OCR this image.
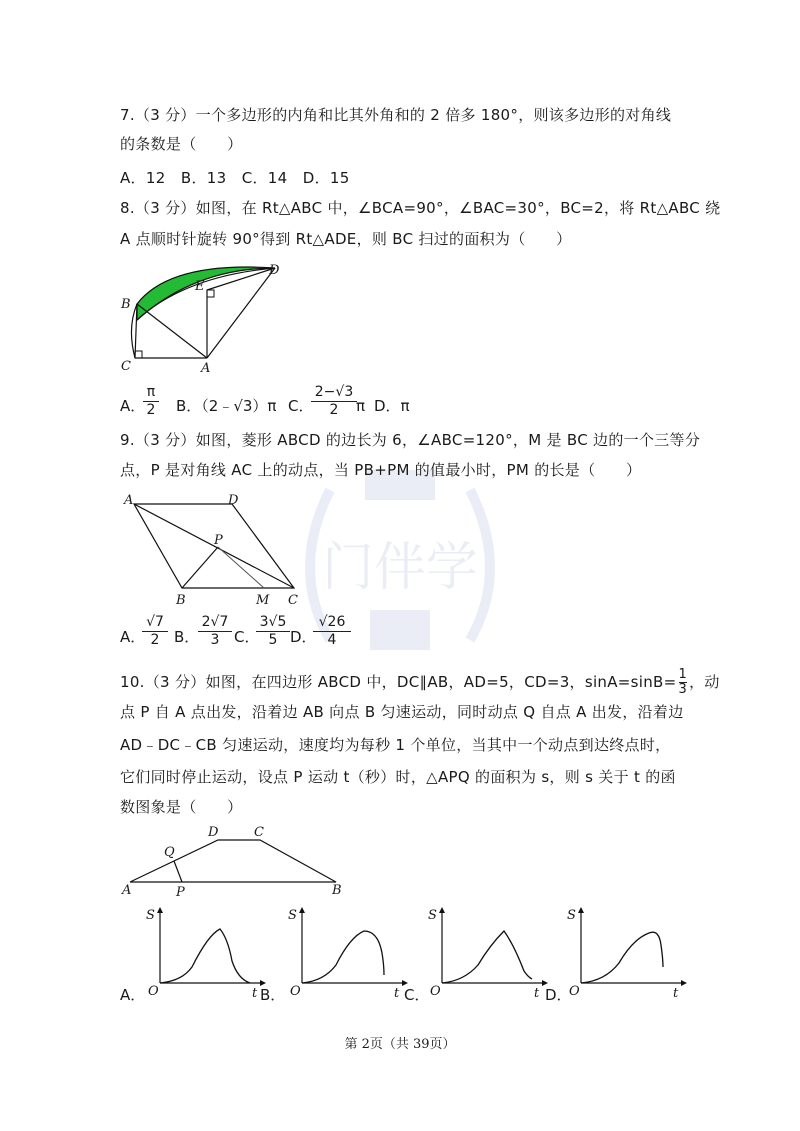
门伴学
7.（3 分）一个多边形的内角和比其外角和的 2 倍多 180°，则该多边形的对角线
的条数是（　　）
A．12　B．13　C．14　D．15
8.（3 分）如图，在 Rt△ABC 中，∠BCA=90°，∠BAC=30°，BC=2，将 Rt△ABC 绕
A 点顺时针旋转 90°得到 Rt△ADE，则 BC 扫过的面积为（　　）
B
C	A
E
D
A．
$\frac{\pi}{2}$ B．（2﹣√3）π C．
$\frac{2-√3}{2}$ π D．π
9.（3 分）如图，菱形 ABCD 的边长为 6，∠ABC=120°，M 是 BC 边的一个三等分
点，P 是对角线 AC 上的动点，当 PB+PM 的值最小时，PM 的长是（　　）
A	D
P
B	M C
A．
$\frac{√7}{2}$ B．
$\frac{2√7}{3}$ C．
$\frac{3√5}{5}$ D．
$\frac{√26}{4}$
10.（3 分）如图，在四边形 ABCD 中，DC∥AB，AD=5，CD=3，$\sin A=\sin B= \frac{1}{3}$ ，动
点 P 自 A 点出发，沿着边 AB 向点 B 匀速运动，同时动点 Q 自点 A 出发，沿着边
AD﹣DC﹣CB 匀速运动，速度均为每秒 1 个单位，当其中一个动点到达终点时，
它们同时停止运动，设点 P 运动 t（秒）时，△APQ 的面积为 s，则 s 关于 t 的函
数图象是（　　）
D	C
Q
A	P	B
A．	B．	C．	D．
S
O	t
S
O	t
S
O	t
S
O	t
第 2页（共 39页）
